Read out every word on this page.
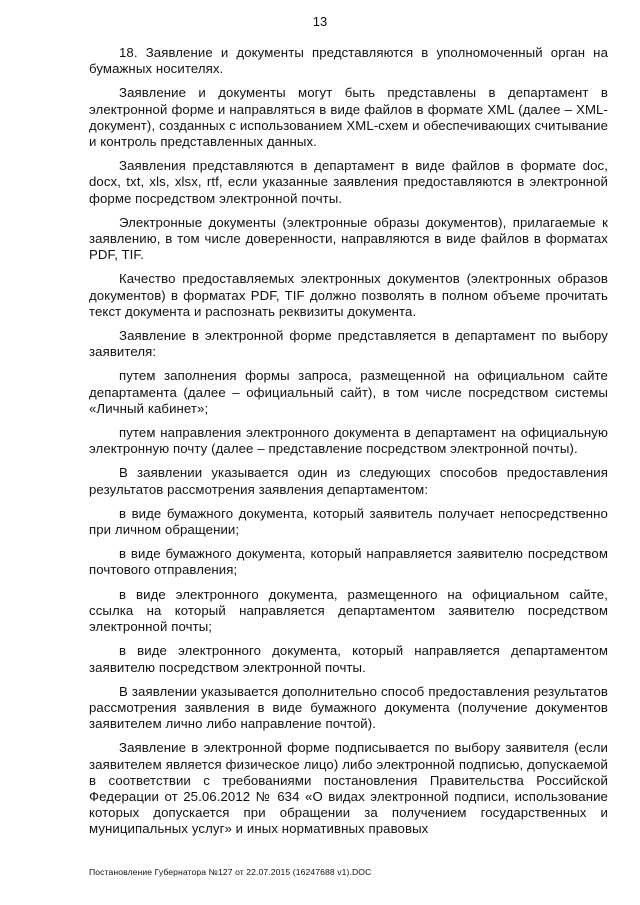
13

18. Заявление и документы представляются в уполномоченный орган на бумажных носителях.

Заявление и документы могут быть представлены в департамент в электронной форме и направляться в виде файлов в формате XML (далее – XML-документ), созданных с использованием XML-схем и обеспечивающих считывание и контроль представленных данных.

Заявления представляются в департамент в виде файлов в формате doc, docx, txt, xls, xlsx, rtf, если указанные заявления предоставляются в электронной форме посредством электронной почты.

Электронные документы (электронные образы документов), прилагаемые к заявлению, в том числе доверенности, направляются в виде файлов в форматах PDF, TIF.

Качество предоставляемых электронных документов (электронных образов документов) в форматах PDF, TIF должно позволять в полном объеме прочитать текст документа и распознать реквизиты документа.

Заявление в электронной форме представляется в департамент по выбору заявителя:

путем заполнения формы запроса, размещенной на официальном сайте департамента (далее – официальный сайт), в том числе посредством системы «Личный кабинет»;

путем направления электронного документа в департамент на официальную электронную почту (далее – представление посредством электронной почты).

В заявлении указывается один из следующих способов предоставления результатов рассмотрения заявления департаментом:

в виде бумажного документа, который заявитель получает непосредственно при личном обращении;

в виде бумажного документа, который направляется заявителю посредством почтового отправления;

в виде электронного документа, размещенного на официальном сайте, ссылка на который направляется департаментом заявителю посредством электронной почты;

в виде электронного документа, который направляется департаментом заявителю посредством электронной почты.

В заявлении указывается дополнительно способ предоставления результатов рассмотрения заявления в виде бумажного документа (получение документов заявителем лично либо направление почтой).

Заявление в электронной форме подписывается по выбору заявителя (если заявителем является физическое лицо) либо электронной подписью, допускаемой в соответствии с требованиями постановления Правительства Российской Федерации от 25.06.2012 № 634 «О видах электронной подписи, использование которых допускается при обращении за получением государственных и муниципальных услуг» и иных нормативных правовых

Постановление Губернатора №127 от 22.07.2015 (16247688 v1).DOC
